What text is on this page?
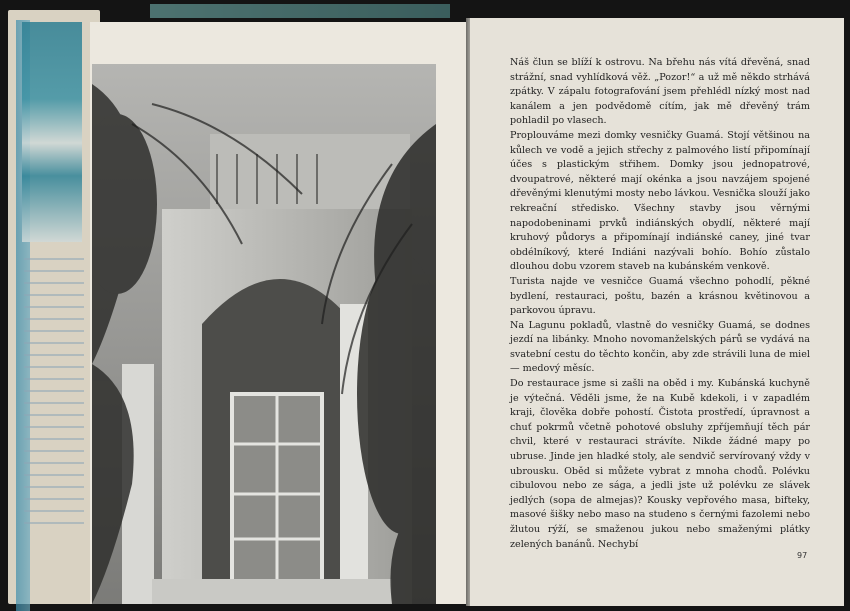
Náš člun se blíží k ostrovu. Na břehu nás vítá dřevěná, snad strážní, snad vyhlídková věž. „Pozor!“ a už mě někdo strhává zpátky. V zápalu fotografování jsem přehlédl nízký most nad kanálem a jen podvědomě cítím, jak mě dřevěný trám pohladil po vlasech.

Proplouváme mezi domky vesničky Guamá. Stojí většinou na kůlech ve vodě a jejich střechy z palmového listí připomínají účes s plastickým střihem. Domky jsou jednopatrové, dvoupatrové, některé mají okénka a jsou navzájem spojené dřevěnými klenutými mosty nebo lávkou. Vesnička slouží jako rekreační středisko. Všechny stavby jsou věrnými napodobeninami prvků indiánských obydlí, některé mají kruhový půdorys a připomínají indiánské caney, jiné tvar obdélníkový, které Indiáni nazývali bohío. Bohío zůstalo dlouhou dobu vzorem staveb na kubánském venkově.

Turista najde ve vesničce Guamá všechno pohodlí, pěkné bydlení, restauraci, poštu, bazén a krásnou květinovou a parkovou úpravu.

Na Lagunu pokladů, vlastně do vesničky Guamá, se dodnes jezdí na libánky. Mnoho novomanželských párů se vydává na svatební cestu do těchto končin, aby zde strávili luna de miel — medový měsíc.

Do restaurace jsme si zašli na oběd i my. Kubánská kuchyně je výtečná. Věděli jsme, že na Kubě kdekoli, i v zapadlém kraji, člověka dobře pohostí. Čistota prostředí, úpravnost a chuť pokrmů včetně pohotové obsluhy zpříjemňují těch pár chvil, které v restauraci strávíte. Nikde žádné mapy po ubruse. Jinde jen hladké stoly, ale sendvič servírovaný vždy v ubrousku. Oběd si můžete vybrat z mnoha chodů. Polévku cibulovou nebo ze sága, a jedli jste už polévku ze slávek jedlých (sopa de almejas)? Kousky vepřového masa, bifteky, masové šišky nebo maso na studeno s černými fazolemi nebo žlutou rýží, se smaženou jukou nebo smaženými plátky zelených banánů. Nechybí

97
